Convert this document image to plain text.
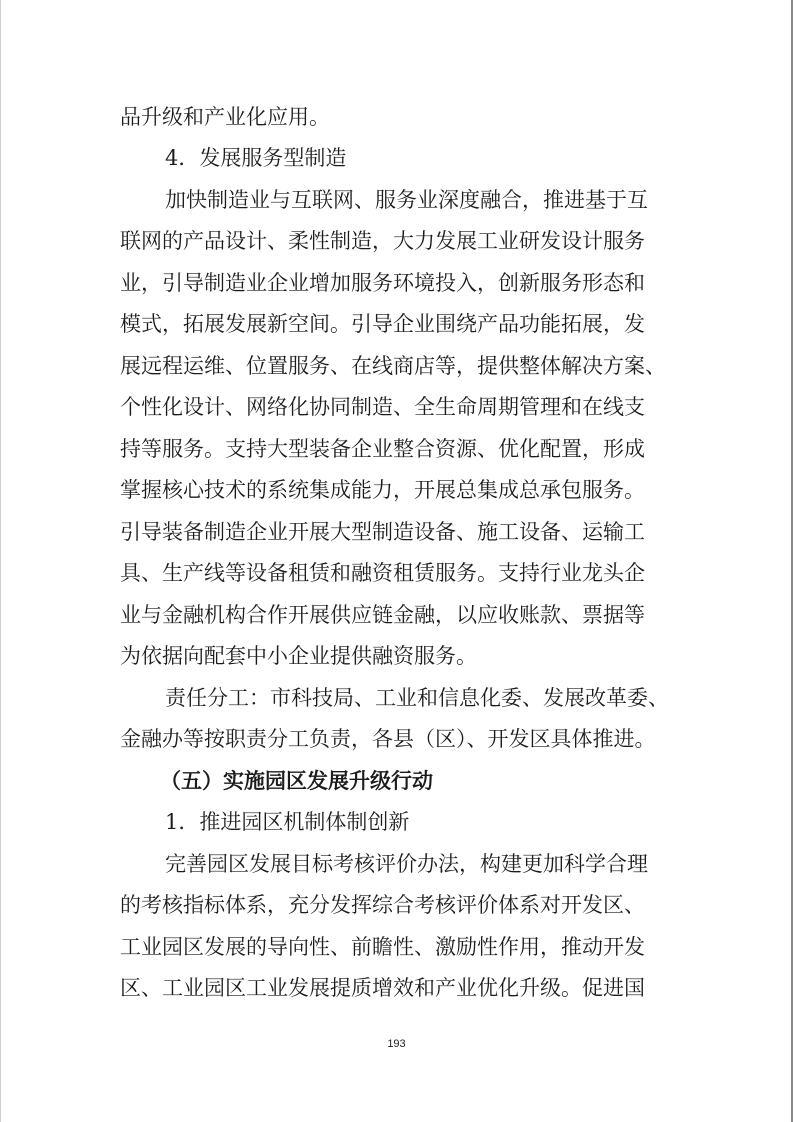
品升级和产业化应用。
4．发展服务型制造
加快制造业与互联网、服务业深度融合，推进基于互
联网的产品设计、柔性制造，大力发展工业研发设计服务
业，引导制造业企业增加服务环境投入，创新服务形态和
模式，拓展发展新空间。引导企业围绕产品功能拓展，发
展远程运维、位置服务、在线商店等，提供整体解决方案、
个性化设计、网络化协同制造、全生命周期管理和在线支
持等服务。支持大型装备企业整合资源、优化配置，形成
掌握核心技术的系统集成能力，开展总集成总承包服务。
引导装备制造企业开展大型制造设备、施工设备、运输工
具、生产线等设备租赁和融资租赁服务。支持行业龙头企
业与金融机构合作开展供应链金融，以应收账款、票据等
为依据向配套中小企业提供融资服务。
责任分工：市科技局、工业和信息化委、发展改革委、
金融办等按职责分工负责，各县（区）、开发区具体推进。
（五）实施园区发展升级行动
1．推进园区机制体制创新
完善园区发展目标考核评价办法，构建更加科学合理
的考核指标体系，充分发挥综合考核评价体系对开发区、
工业园区发展的导向性、前瞻性、激励性作用，推动开发
区、工业园区工业发展提质增效和产业优化升级。促进国
193
